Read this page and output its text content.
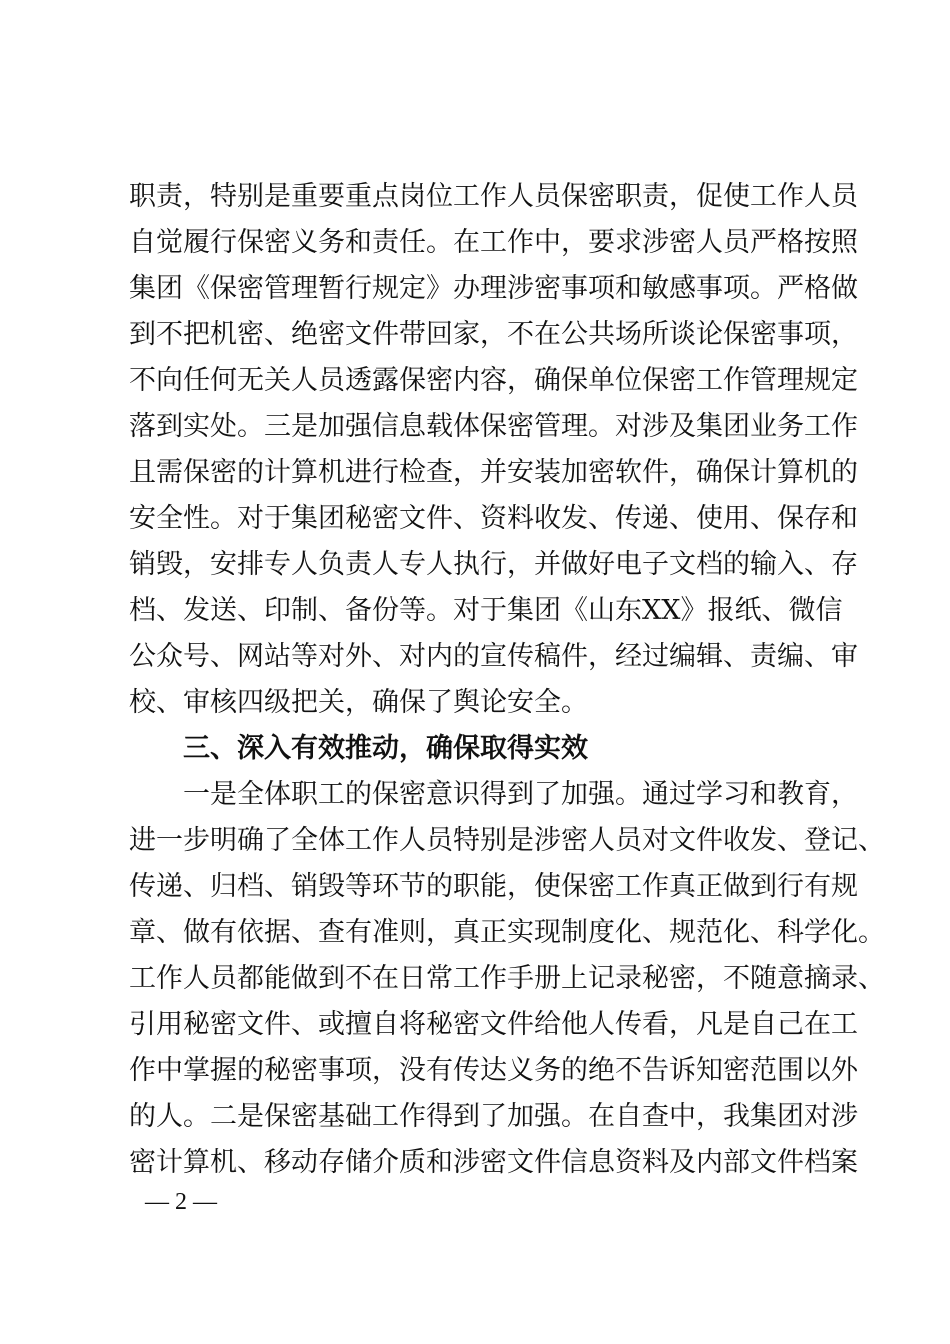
职责，特别是重要重点岗位工作人员保密职责，促使工作人员
自觉履行保密义务和责任。在工作中，要求涉密人员严格按照
集团《保密管理暂行规定》办理涉密事项和敏感事项。严格做
到不把机密、绝密文件带回家，不在公共场所谈论保密事项，
不向任何无关人员透露保密内容，确保单位保密工作管理规定
落到实处。三是加强信息载体保密管理。对涉及集团业务工作
且需保密的计算机进行检查，并安装加密软件，确保计算机的
安全性。对于集团秘密文件、资料收发、传递、使用、保存和
销毁，安排专人负责人专人执行，并做好电子文档的输入、存
档、发送、印制、备份等。对于集团《山东XX》报纸、微信
公众号、网站等对外、对内的宣传稿件，经过编辑、责编、审
校、审核四级把关，确保了舆论安全。
三、深入有效推动，确保取得实效
一是全体职工的保密意识得到了加强。通过学习和教育，
进一步明确了全体工作人员特别是涉密人员对文件收发、登记、
传递、归档、销毁等环节的职能，使保密工作真正做到行有规
章、做有依据、查有准则，真正实现制度化、规范化、科学化。
工作人员都能做到不在日常工作手册上记录秘密，不随意摘录、
引用秘密文件、或擅自将秘密文件给他人传看，凡是自己在工
作中掌握的秘密事项，没有传达义务的绝不告诉知密范围以外
的人。二是保密基础工作得到了加强。在自查中，我集团对涉
密计算机、移动存储介质和涉密文件信息资料及内部文件档案
— 2 —
